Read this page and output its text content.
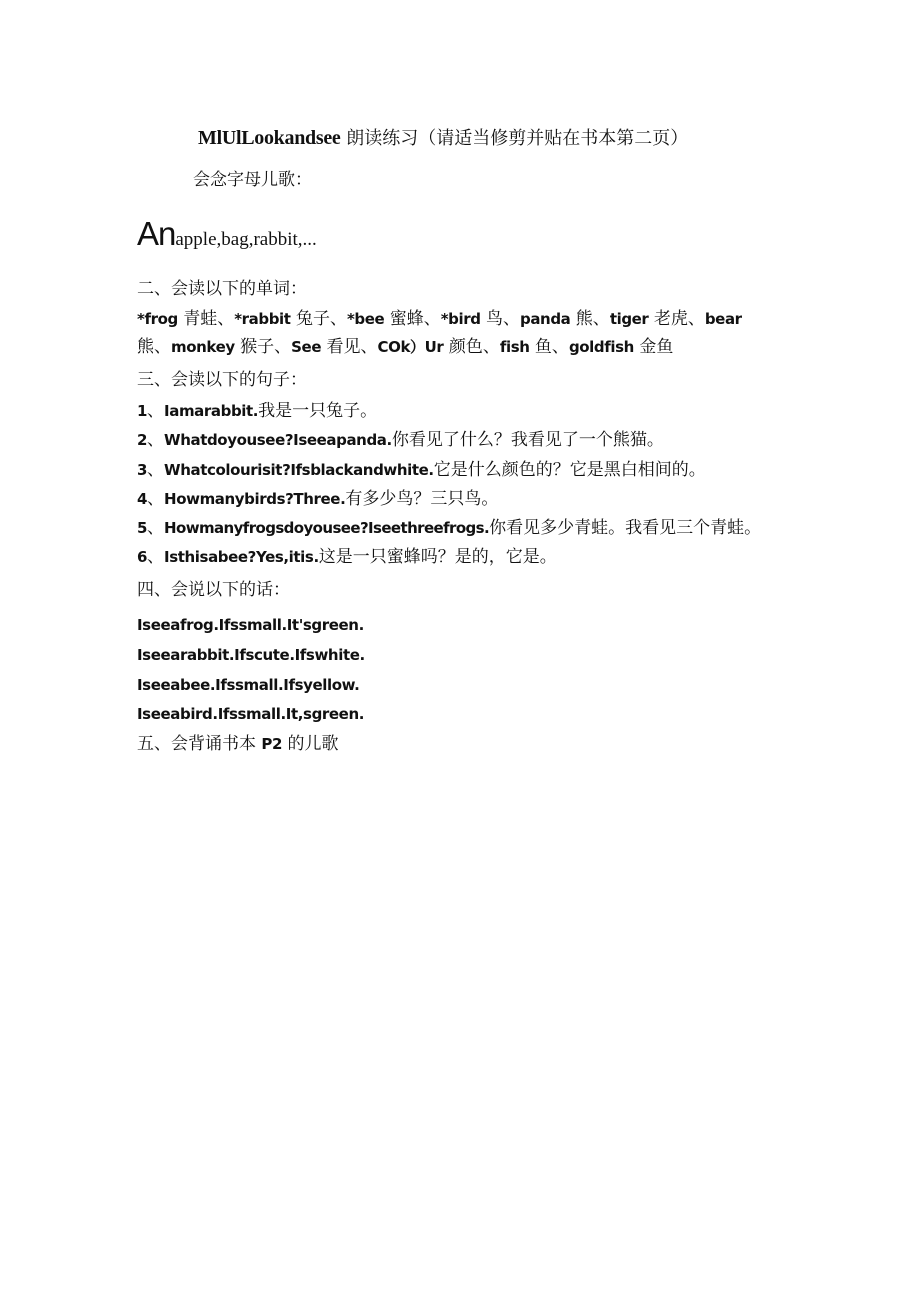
MlUlLookandsee 朗读练习（请适当修剪并贴在书本第二页）
会念字母儿歌：
Anapple,bag,rabbit,...
二、会读以下的单词：
*frog 青蛙、*rabbit 兔子、*bee 蜜蜂、*bird 鸟、panda 熊、tiger 老虎、bear
熊、monkey 猴子、See 看见、COk）Ur 颜色、fish 鱼、goldfish 金鱼
三、会读以下的句子：
1、Iamarabbit.我是一只兔子。
2、Whatdoyousee?Iseeapanda.你看见了什么？我看见了一个熊猫。
3、Whatcolourisit?Ifsblackandwhite.它是什么颜色的？它是黑白相间的。
4、Howmanybirds?Three.有多少鸟？三只鸟。
5、Howmanyfrogsdoyousee?Iseethreefrogs.你看见多少青蛙。我看见三个青蛙。
6、Isthisabee?Yes,itis.这是一只蜜蜂吗？是的，它是。
四、会说以下的话：
Iseeafrog.Ifssmall.It'sgreen.
Iseearabbit.Ifscute.Ifswhite.
Iseeabee.Ifssmall.Ifsyellow.
Iseeabird.Ifssmall.It,sgreen.
五、会背诵书本 P2 的儿歌
